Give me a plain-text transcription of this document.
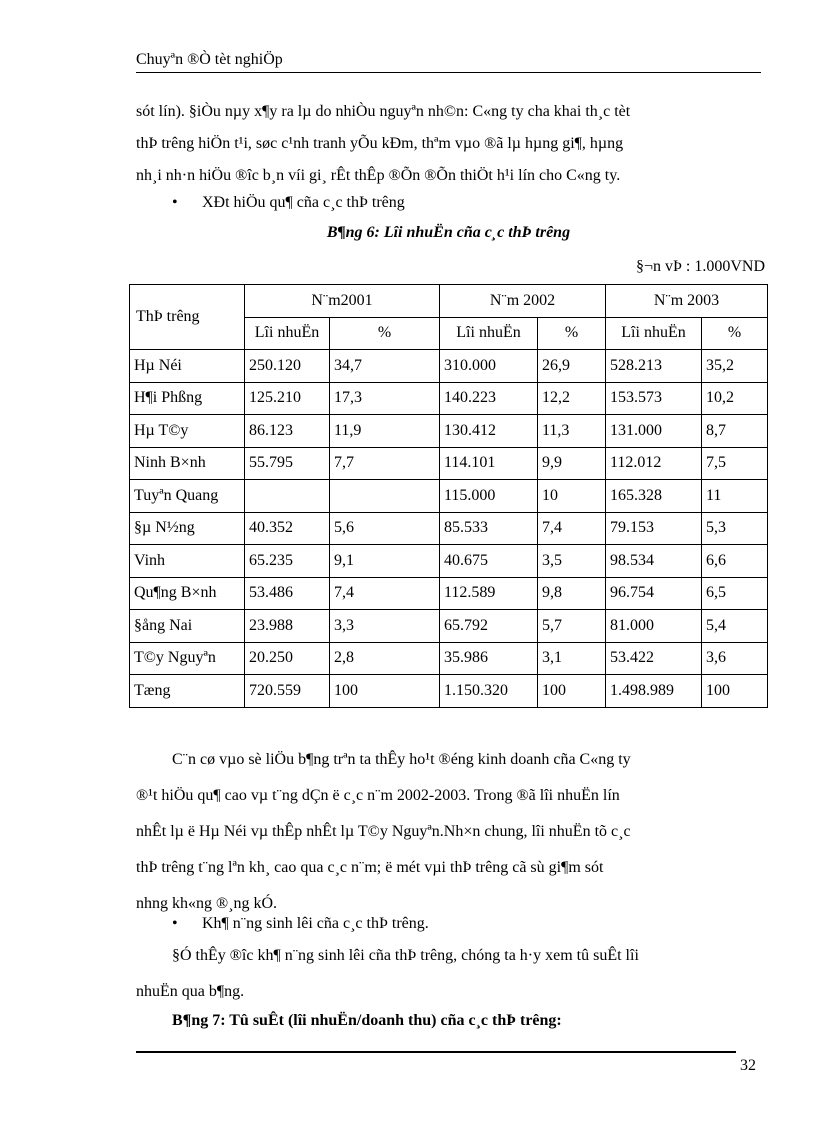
Chuyªn ®Ò tèt nghiÖp
sót lín). §iÒu nµy x¶y ra lµ do nhiÒu nguyªn nh©n: C«ng ty cha khai th¸c tèt
thÞ trêng hiÖn t¹i, søc c¹nh tranh yÕu kÐm, thªm vµo ®ã lµ hµng gi¶, hµng
nh¸i nh·n hiÖu ®îc b¸n víi gi¸ rÊt thÊp ®Õn ®Õn thiÖt h¹i lín cho C«ng ty.
• XÐt hiÖu qu¶ cña c¸c thÞ trêng
B¶ng 6: Lîi nhuËn cña c¸c thÞ trêng
§¬n vÞ : 1.000VND
ThÞ trêng	N¨m2001		N¨m 2002		N¨m 2003	
	Lîi nhuËn	%	Lîi nhuËn	%	Lîi nhuËn	%
Hµ Néi	250.120	34,7	310.000	26,9	528.213	35,2
H¶i Phßng	125.210	17,3	140.223	12,2	153.573	10,2
Hµ T©y	86.123	11,9	130.412	11,3	131.000	8,7
Ninh B×nh	55.795	7,7	114.101	9,9	112.012	7,5
Tuyªn Quang			115.000	10	165.328	11
§µ N½ng	40.352	5,6	85.533	7,4	79.153	5,3
Vinh	65.235	9,1	40.675	3,5	98.534	6,6
Qu¶ng B×nh	53.486	7,4	112.589	9,8	96.754	6,5
§ång Nai	23.988	3,3	65.792	5,7	81.000	5,4
T©y Nguyªn	20.250	2,8	35.986	3,1	53.422	3,6
Tæng	720.559	100	1.150.320	100	1.498.989	100
C¨n cø vµo sè liÖu b¶ng trªn ta thÊy ho¹t ®éng kinh doanh cña C«ng ty
®¹t hiÖu qu¶ cao vµ t¨ng dÇn ë c¸c n¨m 2002-2003. Trong ®ã lîi nhuËn lín
nhÊt lµ ë Hµ Néi vµ thÊp nhÊt lµ T©y Nguyªn.Nh×n chung, lîi nhuËn tõ c¸c
thÞ trêng t¨ng lªn kh¸ cao qua c¸c n¨m; ë mét vµi thÞ trêng cã sù gi¶m sót
nhng kh«ng ®¸ng kÓ.
• Kh¶ n¨ng sinh lêi cña c¸c thÞ trêng.
§Ó thÊy ®îc kh¶ n¨ng sinh lêi cña thÞ trêng, chóng ta h·y xem tû suÊt lîi
nhuËn qua b¶ng.
B¶ng 7: Tû suÊt (lîi nhuËn/doanh thu) cña c¸c thÞ trêng:
32
